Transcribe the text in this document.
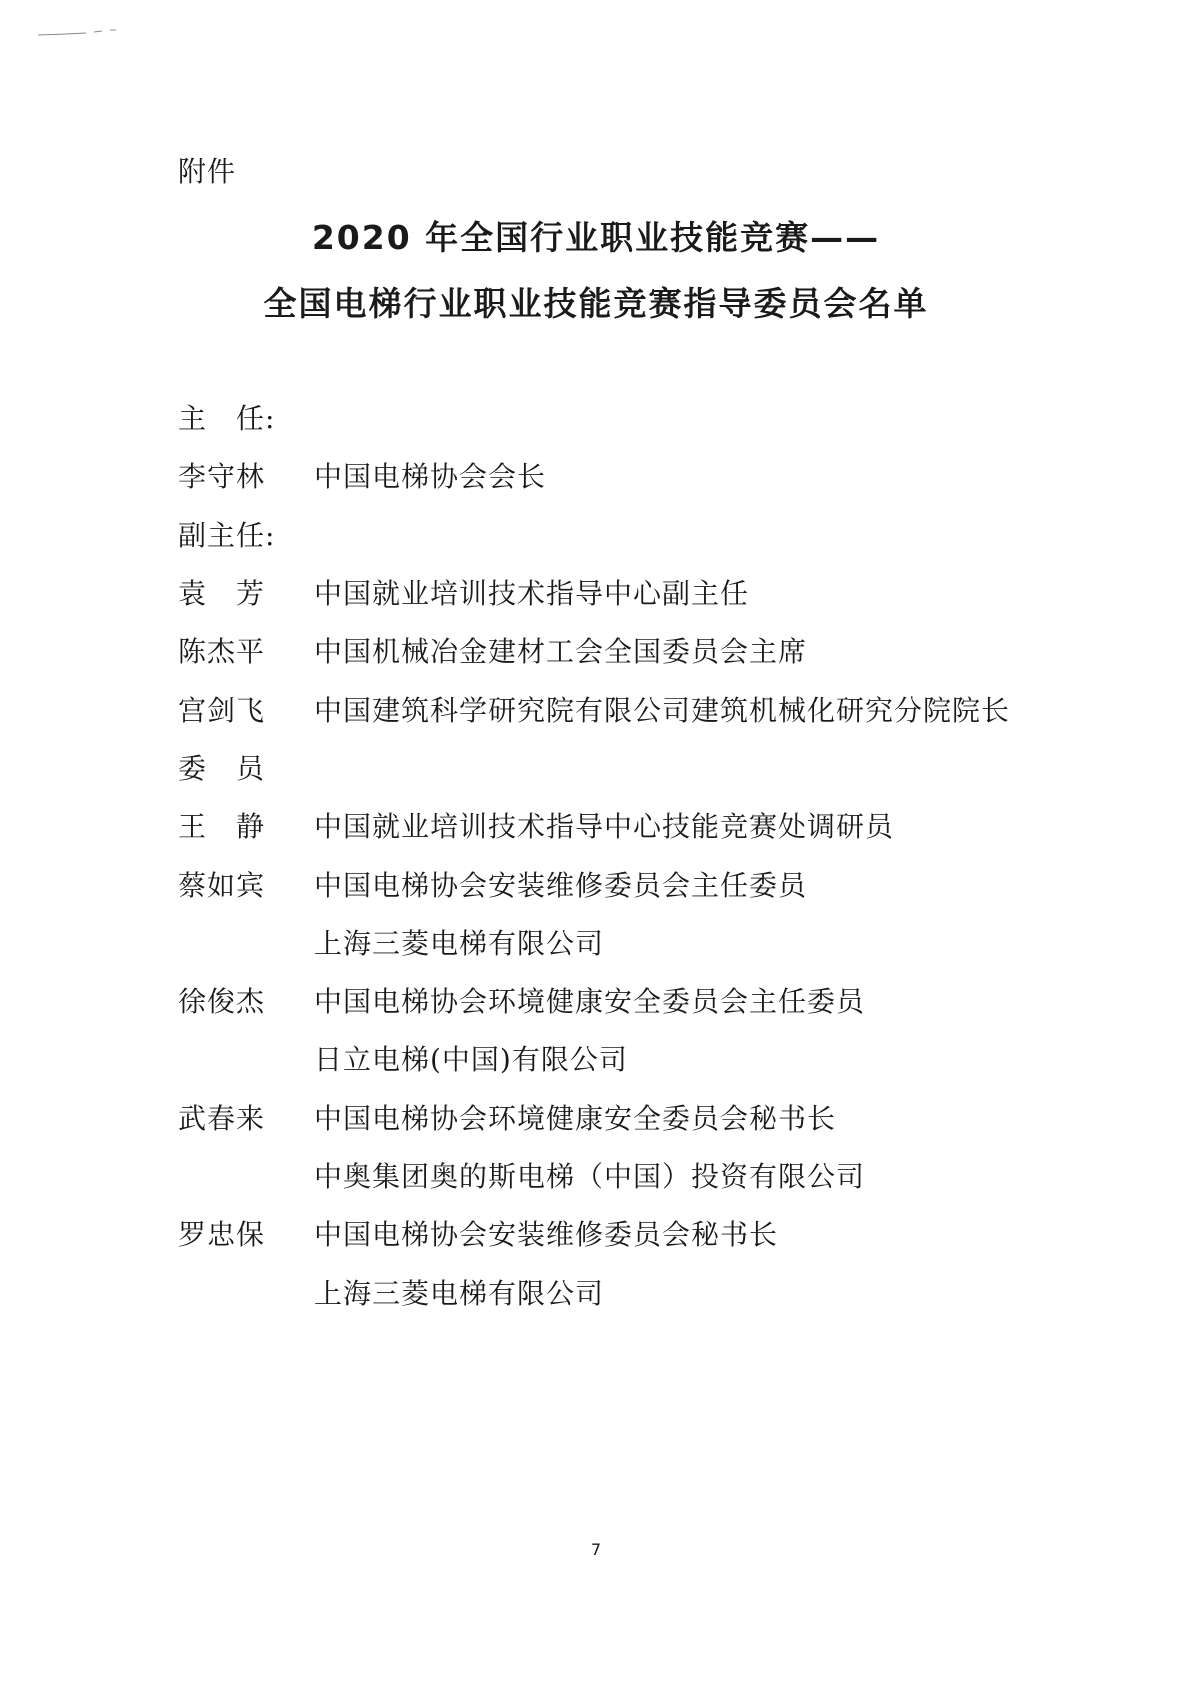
附件
2020 年全国行业职业技能竞赛——
全国电梯行业职业技能竞赛指导委员会名单
主　任:
李守林	中国电梯协会会长
副主任:
袁　芳	中国就业培训技术指导中心副主任
陈杰平	中国机械冶金建材工会全国委员会主席
宫剑飞	中国建筑科学研究院有限公司建筑机械化研究分院院长
委　员
王　静	中国就业培训技术指导中心技能竞赛处调研员
蔡如宾	中国电梯协会安装维修委员会主任委员
上海三菱电梯有限公司
徐俊杰	中国电梯协会环境健康安全委员会主任委员
日立电梯(中国)有限公司
武春来	中国电梯协会环境健康安全委员会秘书长
中奥集团奥的斯电梯（中国）投资有限公司
罗忠保	中国电梯协会安装维修委员会秘书长
上海三菱电梯有限公司
7
